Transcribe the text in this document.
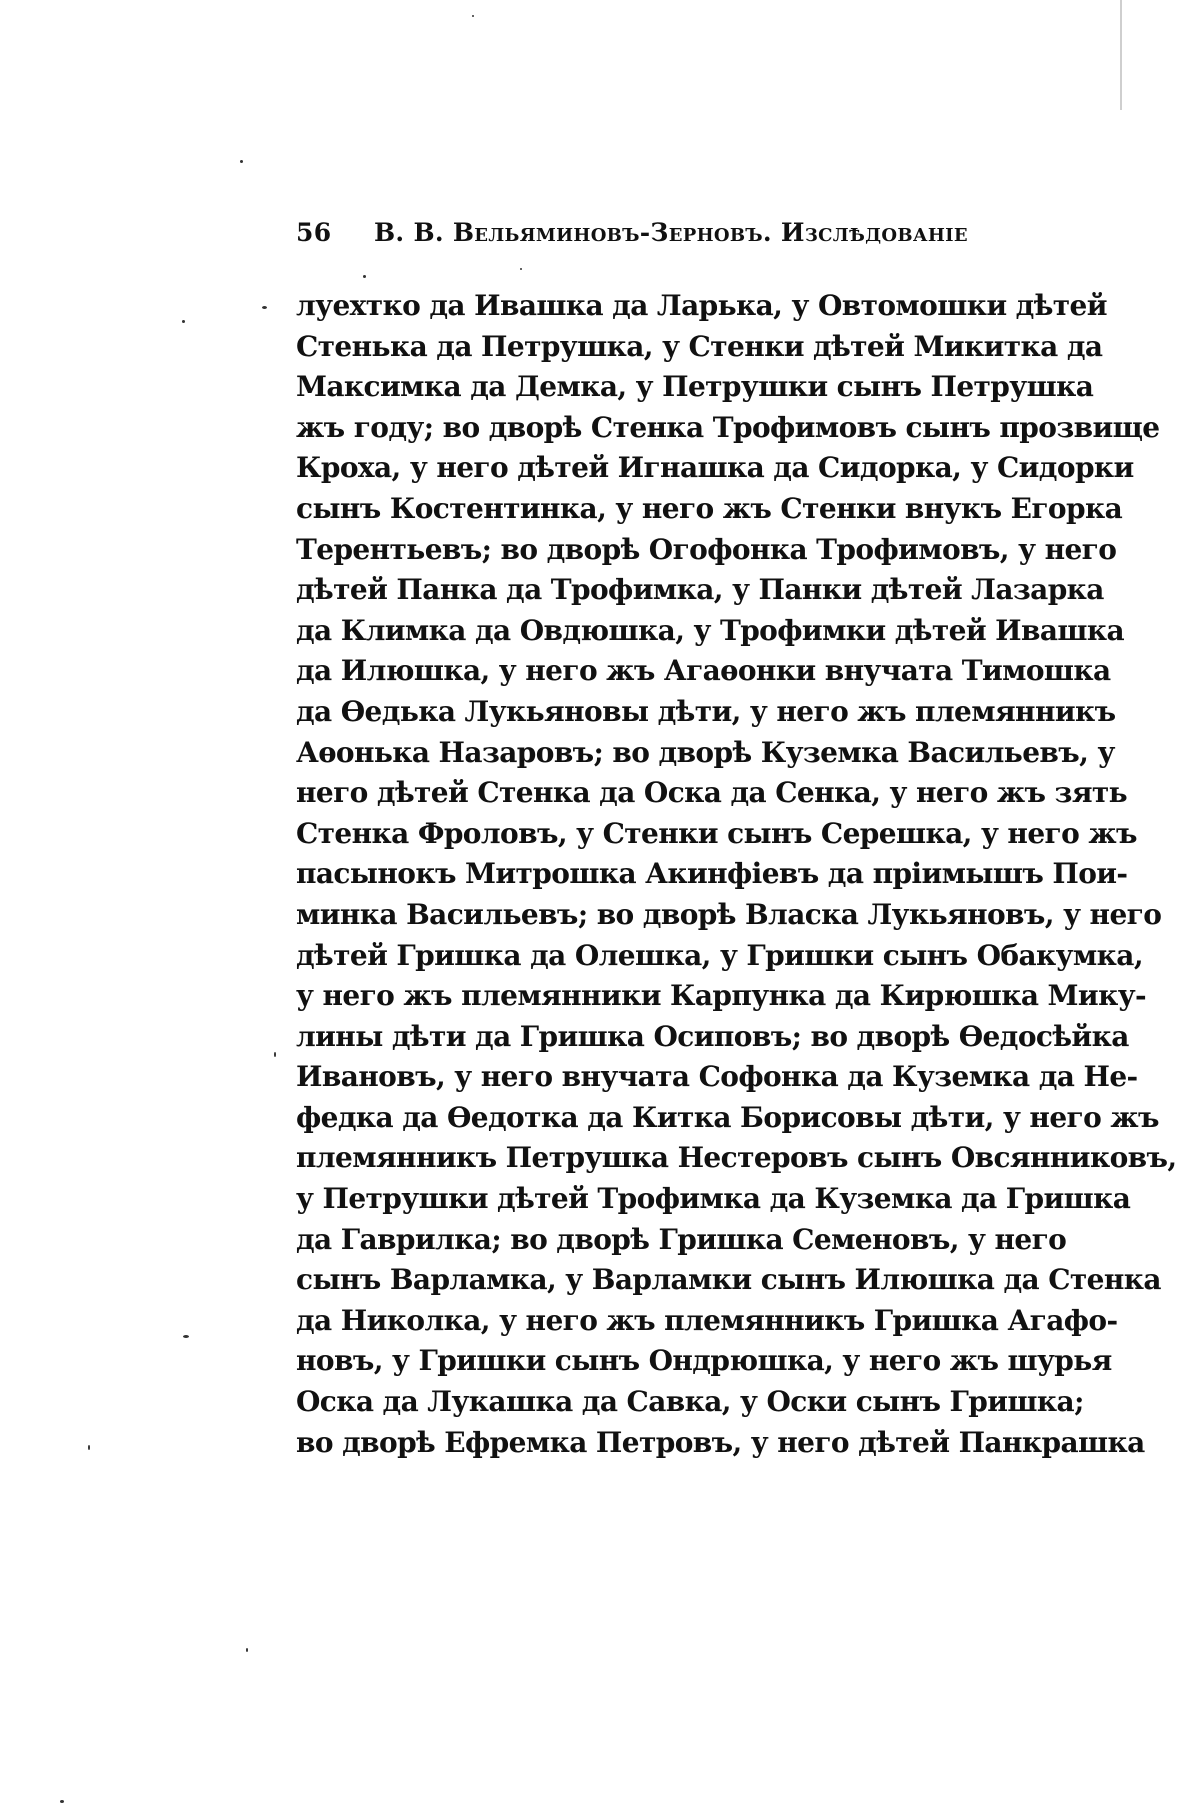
56 В. В. Вельяминовъ-Зерновъ. Изслѣдованіе
луехтко да Ивашка да Ларька, у Овтомошки дѣтей
Стенька да Петрушка, у Стенки дѣтей Микитка да
Максимка да Демка, у Петрушки сынъ Петрушка
жъ году; во дворѣ Стенка Трофимовъ сынъ прозвище
Кроха, у него дѣтей Игнашка да Сидорка, у Сидорки
сынъ Костентинка, у него жъ Стенки внукъ Егорка
Терентьевъ; во дворѣ Огофонка Трофимовъ, у него
дѣтей Панка да Трофимка, у Панки дѣтей Лазарка
да Климка да Овдюшка, у Трофимки дѣтей Ивашка
да Илюшка, у него жъ Агаѳонки внучата Тимошка
да Ѳедька Лукьяновы дѣти, у него жъ племянникъ
Аѳонька Назаровъ; во дворѣ Куземка Васильевъ, у
него дѣтей Стенка да Оска да Сенка, у него жъ зять
Стенка Фроловъ, у Стенки сынъ Серешка, у него жъ
пасынокъ Митрошка Акинфіевъ да пріимышъ Пои-
минка Васильевъ; во дворѣ Власка Лукьяновъ, у него
дѣтей Гришка да Олешка, у Гришки сынъ Обакумка,
у него жъ племянники Карпунка да Кирюшка Мику-
лины дѣти да Гришка Осиповъ; во дворѣ Ѳедосѣйка
Ивановъ, у него внучата Софонка да Куземка да Не-
федка да Ѳедотка да Китка Борисовы дѣти, у него жъ
племянникъ Петрушка Нестеровъ сынъ Овсянниковъ,
у Петрушки дѣтей Трофимка да Куземка да Гришка
да Гаврилка; во дворѣ Гришка Семеновъ, у него
сынъ Варламка, у Варламки сынъ Илюшка да Стенка
да Николка, у него жъ племянникъ Гришка Агафо-
новъ, у Гришки сынъ Ондрюшка, у него жъ шурья
Оска да Лукашка да Савка, у Оски сынъ Гришка;
во дворѣ Ефремка Петровъ, у него дѣтей Панкрашка
